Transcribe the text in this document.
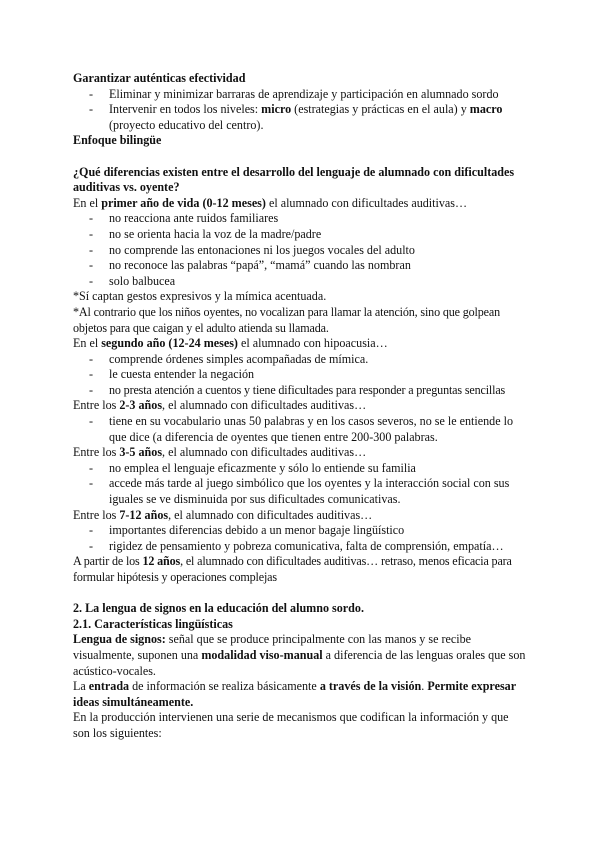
Garantizar auténticas efectividad

- Eliminar y minimizar barraras de aprendizaje y participación en alumnado sordo
- Intervenir en todos los niveles: micro (estrategias y prácticas en el aula) y macro (proyecto educativo del centro).

Enfoque bilingüe

¿Qué diferencias existen entre el desarrollo del lenguaje de alumnado con dificultades auditivas vs. oyente?

En el primer año de vida (0-12 meses) el alumnado con dificultades auditivas…

- no reacciona ante ruidos familiares
- no se orienta hacia la voz de la madre/padre
- no comprende las entonaciones ni los juegos vocales del adulto
- no reconoce las palabras “papá”, “mamá” cuando las nombran
- solo balbucea

*Sí captan gestos expresivos y la mímica acentuada.

*Al contrario que los niños oyentes, no vocalizan para llamar la atención, sino que golpean objetos para que caigan y el adulto atienda su llamada.

En el segundo año (12-24 meses) el alumnado con hipoacusia…

- comprende órdenes simples acompañadas de mímica.
- le cuesta entender la negación
- no presta atención a cuentos y tiene dificultades para responder a preguntas sencillas

Entre los 2-3 años, el alumnado con dificultades auditivas…

- tiene en su vocabulario unas 50 palabras y en los casos severos, no se le entiende lo que dice (a diferencia de oyentes que tienen entre 200-300 palabras.

Entre los 3-5 años, el alumnado con dificultades auditivas…

- no emplea el lenguaje eficazmente y sólo lo entiende su familia
- accede más tarde al juego simbólico que los oyentes y la interacción social con sus iguales se ve disminuida por sus dificultades comunicativas.

Entre los 7-12 años, el alumnado con dificultades auditivas…

- importantes diferencias debido a un menor bagaje lingüístico
- rigidez de pensamiento y pobreza comunicativa, falta de comprensión, empatía…

A partir de los 12 años, el alumnado con dificultades auditivas… retraso, menos eficacia para formular hipótesis y operaciones complejas

2. La lengua de signos en la educación del alumno sordo.

2.1. Características lingüísticas

Lengua de signos: señal que se produce principalmente con las manos y se recibe visualmente, suponen una modalidad viso-manual a diferencia de las lenguas orales que son acústico-vocales.

La entrada de información se realiza básicamente a través de la visión. Permite expresar ideas simultáneamente.

En la producción intervienen una serie de mecanismos que codifican la información y que son los siguientes:
